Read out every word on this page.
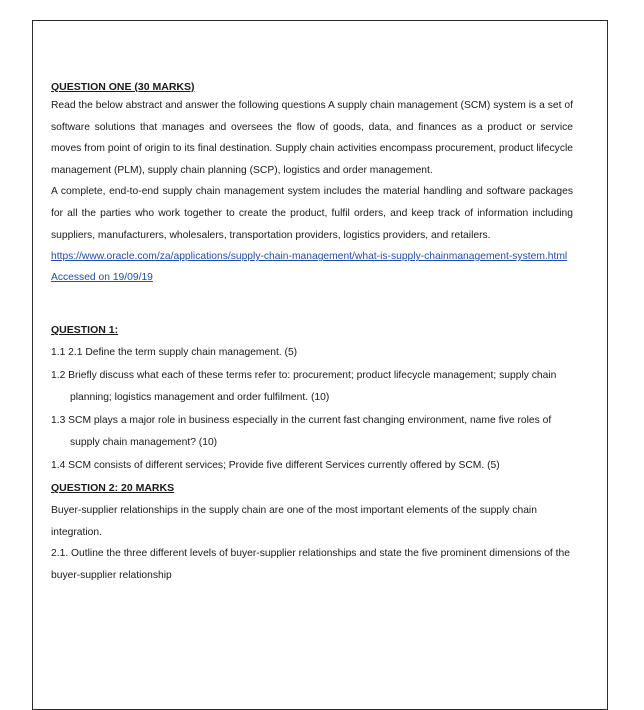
QUESTION ONE (30 MARKS)

Read the below abstract and answer the following questions A supply chain management (SCM) system is a set of software solutions that manages and oversees the flow of goods, data, and finances as a product or service moves from point of origin to its final destination. Supply chain activities encompass procurement, product lifecycle management (PLM), supply chain planning (SCP), logistics and order management.

A complete, end-to-end supply chain management system includes the material handling and software packages for all the parties who work together to create the product, fulfil orders, and keep track of information including suppliers, manufacturers, wholesalers, transportation providers, logistics providers, and retailers.

https://www.oracle.com/za/applications/supply-chain-management/what-is-supply-chainmanagement-system.html Accessed on 19/09/19

QUESTION 1:

1.1 2.1 Define the term supply chain management. (5)

1.2 Briefly discuss what each of these terms refer to: procurement; product lifecycle management; supply chain planning; logistics management and order fulfilment. (10)

1.3 SCM plays a major role in business especially in the current fast changing environment, name five roles of supply chain management? (10)

1.4 SCM consists of different services; Provide five different Services currently offered by SCM. (5)

QUESTION 2: 20 MARKS

Buyer-supplier relationships in the supply chain are one of the most important elements of the supply chain integration.

2.1. Outline the three different levels of buyer-supplier relationships and state the five prominent dimensions of the buyer-supplier relationship
